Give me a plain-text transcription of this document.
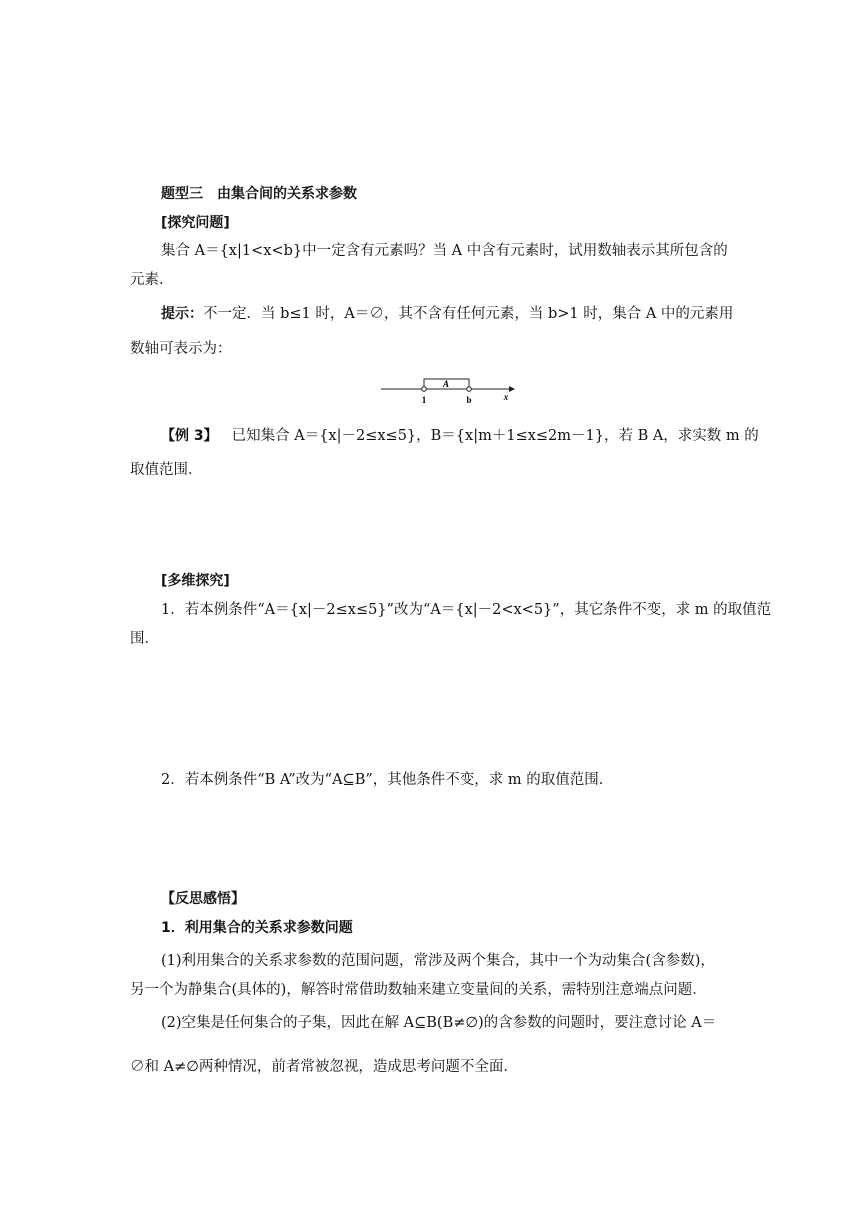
题型三 由集合间的关系求参数
[探究问题]
集合 A＝{x|1<x<b}中一定含有元素吗？当 A 中含有元素时，试用数轴表示其所包含的
元素．
提示：不一定．当 b≤1 时，A＝∅，其不含有任何元素，当 b>1 时，集合 A 中的元素用
数轴可表示为：
A
1	b	x
【例 3】 已知集合 A＝{x|－2≤x≤5}，B＝{x|m＋1≤x≤2m－1}，若 B A，求实数 m 的
取值范围．
[多维探究]
1．若本例条件“A＝{x|－2≤x≤5}”改为“A＝{x|－2<x<5}”，其它条件不变，求 m 的取值范
围．
2．若本例条件“B A”改为“A⊆B”，其他条件不变，求 m 的取值范围．
【反思感悟】
1．利用集合的关系求参数问题
(1)利用集合的关系求参数的范围问题，常涉及两个集合，其中一个为动集合(含参数)，
另一个为静集合(具体的)，解答时常借助数轴来建立变量间的关系，需特别注意端点问题．
(2)空集是任何集合的子集，因此在解 A⊆B(B≠∅)的含参数的问题时，要注意讨论 A＝
∅和 A≠∅两种情况，前者常被忽视，造成思考问题不全面．
